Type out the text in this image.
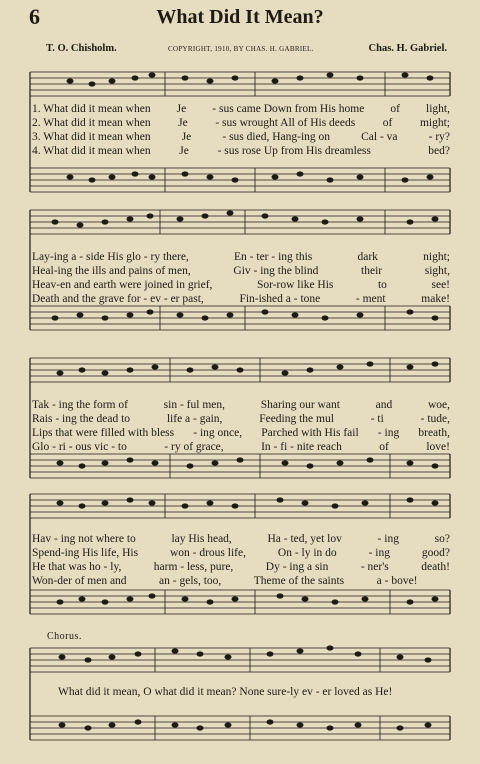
6	What Did It Mean?
T. O. Chisholm.	COPYRIGHT, 1910, BY CHAS. H. GABRIEL.	Chas. H. Gabriel.
1. What did it mean when Je - sus came Down from His home of light,
2. What did it mean when Je - sus wrought All of His deeds of might;
3. What did it mean when	Je	- sus died, Hang-ing on	Cal - va	- ry?
4. What did it mean when Je - sus rose Up from His dreamless	bed?
Lay-ing a - side His glo - ry there,	En - ter - ing this	dark	night;
Heal-ing the ills and pains of men,	Giv - ing the blind	their	sight,
Heav-en and earth were joined in grief,	Sor-row like His	to	see!
Death and the grave for - ev - er past,	Fin-ished a - tone	- ment	make!
Tak - ing the form of	sin - ful men,	Sharing our want	and	woe,
Rais - ing the dead to	life a - gain,	Feeding the mul	- ti	- tude,
Lips that were filled with bless - ing once, Parched with His fail - ing breath,
Glo - ri - ous vic - to	- ry of grace,	In - fi - nite reach	of	love!
Hav - ing not where to	lay His head,	Ha - ted, yet lov	- ing	so?
Spend-ing His life, His	won - drous life,	On - ly in do	- ing	good?
He that was ho - ly,	harm - less, pure,	Dy - ing a sin	- ner's	death!
Won-der of men and	an - gels, too,	Theme of the saints	a - bove!
Chorus.
What did it mean, O what did it mean? None sure-ly ev - er loved as He!
